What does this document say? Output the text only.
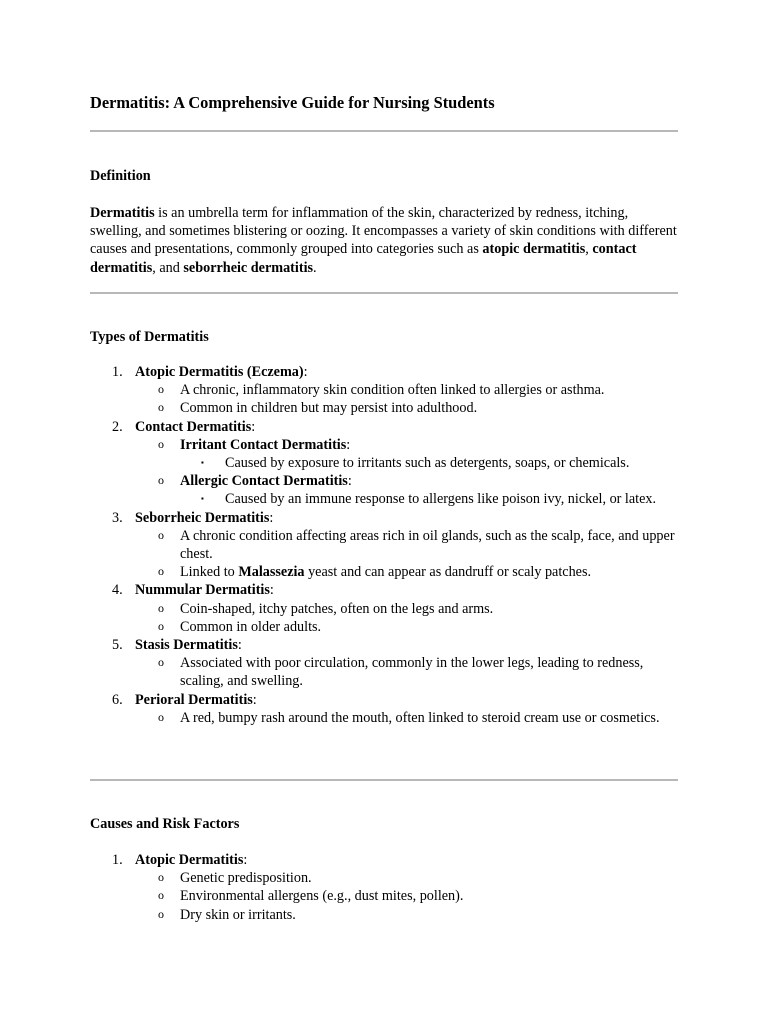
Dermatitis: A Comprehensive Guide for Nursing Students
Definition

Dermatitis is an umbrella term for inflammation of the skin, characterized by redness, itching, swelling, and sometimes blistering or oozing. It encompasses a variety of skin conditions with different causes and presentations, commonly grouped into categories such as atopic dermatitis, contact dermatitis, and seborrheic dermatitis.

Types of Dermatitis
1. Atopic Dermatitis (Eczema):
o A chronic, inflammatory skin condition often linked to allergies or asthma.
o Common in children but may persist into adulthood.
2. Contact Dermatitis:
o Irritant Contact Dermatitis:
▪ Caused by exposure to irritants such as detergents, soaps, or chemicals.
o Allergic Contact Dermatitis:
▪ Caused by an immune response to allergens like poison ivy, nickel, or latex.
3. Seborrheic Dermatitis:
o A chronic condition affecting areas rich in oil glands, such as the scalp, face, and upper chest.
o Linked to Malassezia yeast and can appear as dandruff or scaly patches.
4. Nummular Dermatitis:
o Coin-shaped, itchy patches, often on the legs and arms.
o Common in older adults.
5. Stasis Dermatitis:
o Associated with poor circulation, commonly in the lower legs, leading to redness, scaling, and swelling.
6. Perioral Dermatitis:
o A red, bumpy rash around the mouth, often linked to steroid cream use or cosmetics.
Causes and Risk Factors
1. Atopic Dermatitis:
o Genetic predisposition.
o Environmental allergens (e.g., dust mites, pollen).
o Dry skin or irritants.
